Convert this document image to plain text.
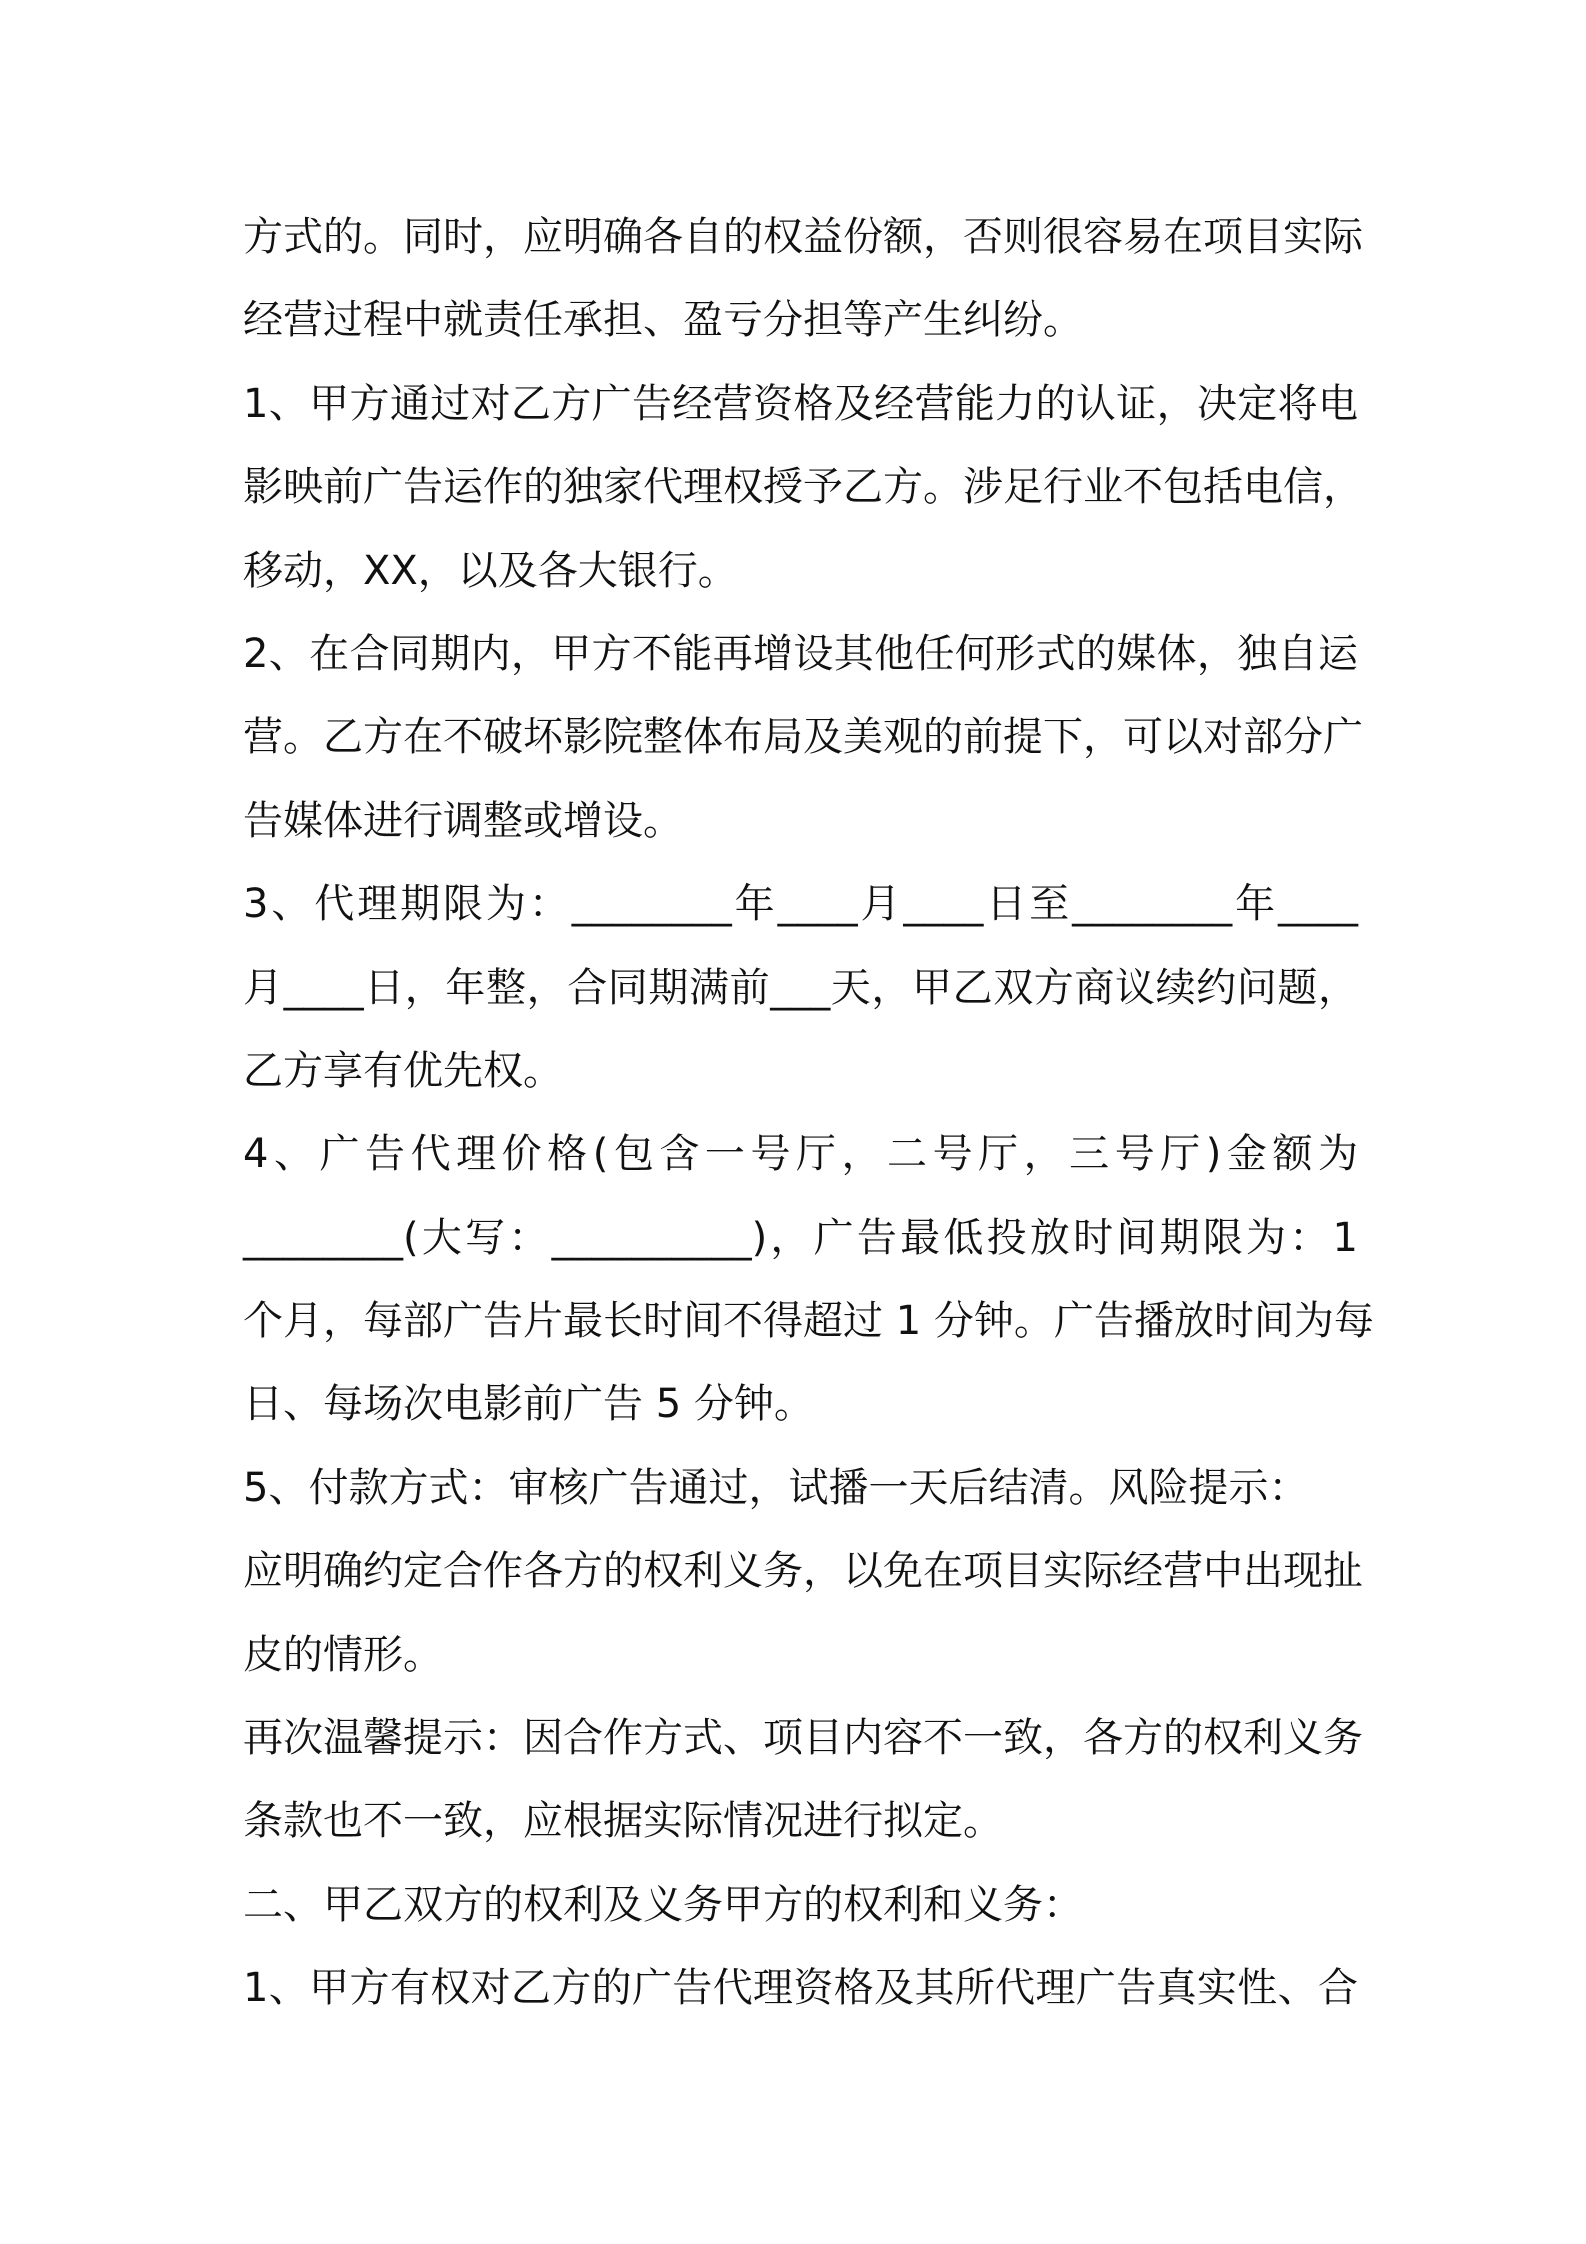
方式的。同时，应明确各自的权益份额，否则很容易在项目实际
经营过程中就责任承担、盈亏分担等产生纠纷。
1、甲方通过对乙方广告经营资格及经营能力的认证，决定将电
影映前广告运作的独家代理权授予乙方。涉足行业不包括电信，
移动，XX，以及各大银行。
2、在合同期内，甲方不能再增设其他任何形式的媒体，独自运
营。乙方在不破坏影院整体布局及美观的前提下，可以对部分广
告媒体进行调整或增设。
3、代理期限为：________年____月____日至________年____
月____日，年整，合同期满前___天，甲乙双方商议续约问题，
乙方享有优先权。
4、广告代理价格(包含一号厅，二号厅，三号厅)金额为
________(大写：__________)，广告最低投放时间期限为：1
个月，每部广告片最长时间不得超过 1 分钟。广告播放时间为每
日、每场次电影前广告 5 分钟。
5、付款方式：审核广告通过，试播一天后结清。风险提示：
应明确约定合作各方的权利义务，以免在项目实际经营中出现扯
皮的情形。
再次温馨提示：因合作方式、项目内容不一致，各方的权利义务
条款也不一致，应根据实际情况进行拟定。
二、甲乙双方的权利及义务甲方的权利和义务：
1、甲方有权对乙方的广告代理资格及其所代理广告真实性、合
